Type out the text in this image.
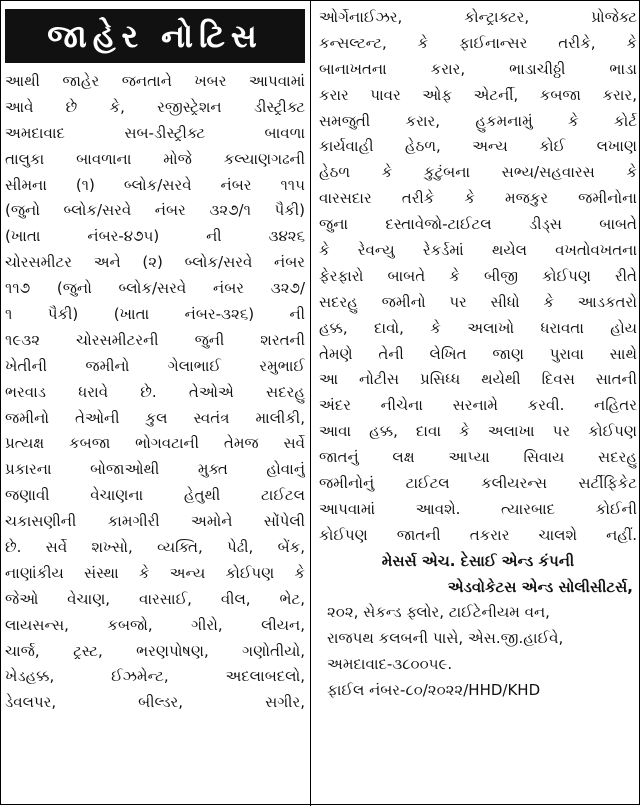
જાહેર નોટિસ
આથી જાહેર જનતાને ખબર આપવામાં
આવે છે કે, રજીસ્ટ્રેશન ડીસ્ટ્રીક્ટ
અમદાવાદ સબ-ડીસ્ટ્રીક્ટ બાવળા
તાલુકા બાવળાના મોજે કલ્યાણગઢની
સીમના (૧) બ્લોક/સરવે નંબર ૧૧૫
(જુનો બ્લોક/સરવે નંબર ૩૨૭/૧ પૈકી)
(ખાતા નંબર-૪૭૫) ની ૩૪૨૬
ચોરસમીટર અને (૨) બ્લોક/સરવે નંબર
૧૧૭ (જુનો બ્લોક/સરવે નંબર ૩૨૭/
૧ પૈકી) (ખાતા નંબર-૩૨૬) ની
૧૯૩૨ ચોરસમીટરની જુની શરતની
ખેતીની જમીનો ગેલાભાઈ રમુભાઈ
ભરવાડ ધરાવે છે. તેઓએ સદરહુ
જમીનો તેઓની કુલ સ્વતંત્ર માલીકી,
પ્રત્યક્ષ કબજા ભોગવટાની તેમજ સર્વે
પ્રકારના બોજાઓથી મુક્ત હોવાનું
જણાવી વેચાણના હેતુથી ટાઈટલ
ચકાસણીની કામગીરી અમોને સોંપેલી
છે. સર્વે શખ્સો, વ્યક્તિ, પેઢી, બેંક,
નાણાંકીય સંસ્થા કે અન્ય કોઈપણ કે
જેઓ વેચાણ, વારસાઈ, વીલ, ભેટ,
લાયસન્સ, કબજો, ગીરો, લીયન,
ચાર્જ, ટ્રસ્ટ, ભરણપોષણ, ગણોતીયો,
ખેડહક્ક, ઈઝમેન્ટ, અદલાબદલો,
ડેવલપર, બીલ્ડર, સગીર,
ઓર્ગેનાઈઝર, કોન્ટ્રાક્ટર, પ્રોજેક્ટ
કન્સલ્ટન્ટ, કે ફાઈનાન્સર તરીકે, કે
બાનાખતના કરાર, ભાડાચીઠ્ઠી ભાડા
કરાર પાવર ઓફ એટર્ની, કબજા કરાર,
સમજુતી કરાર, હુકમનામું કે કોર્ટ
કાર્યવાહી હેઠળ, અન્ય કોઈ લખાણ
હેઠળ કે કુટુંબના સભ્ય/સહવારસ કે
વારસદાર તરીકે કે મજકુર જમીનોના
જુના દસ્તાવેજો-ટાઈટલ ડીડ્સ બાબતે
કે રેવન્યુ રેકર્ડમાં થયેલ વખતોવખતના
ફેરફારો બાબતે કે બીજી કોઈપણ રીતે
સદરહુ જમીનો પર સીધો કે આડકતરો
હક્ક, દાવો, કે અલાખો ધરાવતા હોય
તેમણે તેની લેખિત જાણ પુરાવા સાથે
આ નોટીસ પ્રસિધ્ધ થયેથી દિવસ સાતની
અંદર નીચેના સરનામે કરવી. નહિતર
આવા હક્ક, દાવા કે અલાખા પર કોઈપણ
જાતનું લક્ષ આપ્યા સિવાય સદરહુ
જમીનોનું ટાઈટલ કલીયરન્સ સર્ટીફિકેટ
આપવામાં આવશે. ત્યારબાદ કોઈની
કોઈપણ જાતની તકરાર ચાલશે નહીં.
મેસર્સ એચ. દેસાઈ એન્ડ કંપની
એડવોકેટસ એન્ડ સોલીસીટર્સ,
૨૦૨, સેકન્ડ ફ્લોર, ટાઈટેનીયમ વન,
રાજપથ કલબની પાસે, એસ.જી.હાઈવે,
અમદાવાદ-૩૮૦૦૫૯.
ફાઈલ નંબર-૮૦/૨૦૨૨/HHD/KHD
